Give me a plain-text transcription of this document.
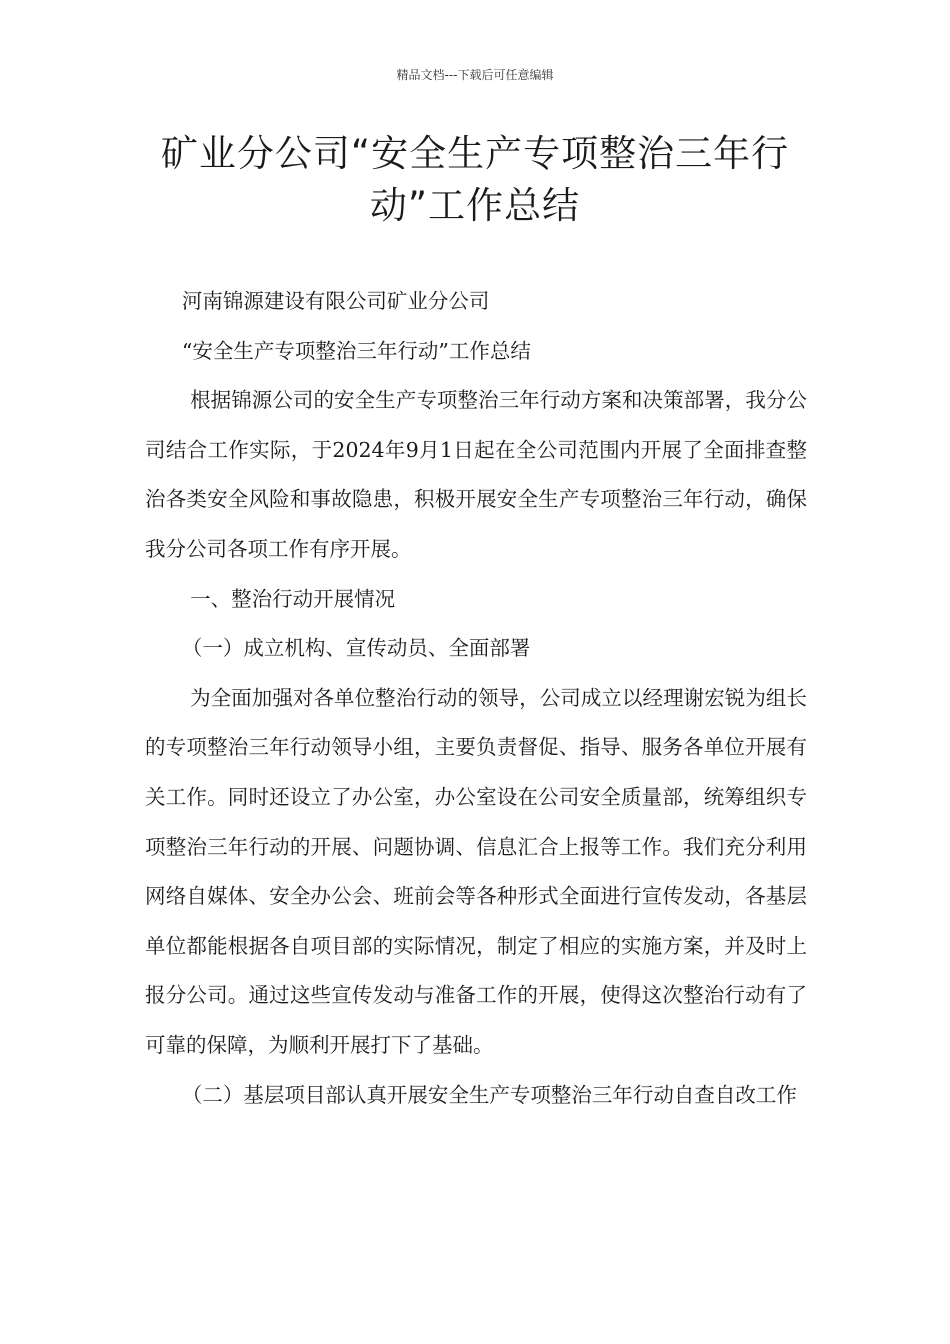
精品文档---下载后可任意编辑
矿业分公司“安全生产专项整治三年行动”工作总结

河南锦源建设有限公司矿业分公司

“安全生产专项整治三年行动”工作总结

根据锦源公司的安全生产专项整治三年行动方案和决策部署，我分公司结合工作实际，于2024年9月1日起在全公司范围内开展了全面排查整治各类安全风险和事故隐患，积极开展安全生产专项整治三年行动，确保我分公司各项工作有序开展。

一、整治行动开展情况

（一）成立机构、宣传动员、全面部署

为全面加强对各单位整治行动的领导，公司成立以经理谢宏锐为组长的专项整治三年行动领导小组，主要负责督促、指导、服务各单位开展有关工作。同时还设立了办公室，办公室设在公司安全质量部，统筹组织专项整治三年行动的开展、问题协调、信息汇合上报等工作。我们充分利用网络自媒体、安全办公会、班前会等各种形式全面进行宣传发动，各基层单位都能根据各自项目部的实际情况，制定了相应的实施方案，并及时上报分公司。通过这些宣传发动与准备工作的开展，使得这次整治行动有了可靠的保障，为顺利开展打下了基础。

（二）基层项目部认真开展安全生产专项整治三年行动自查自改工作
